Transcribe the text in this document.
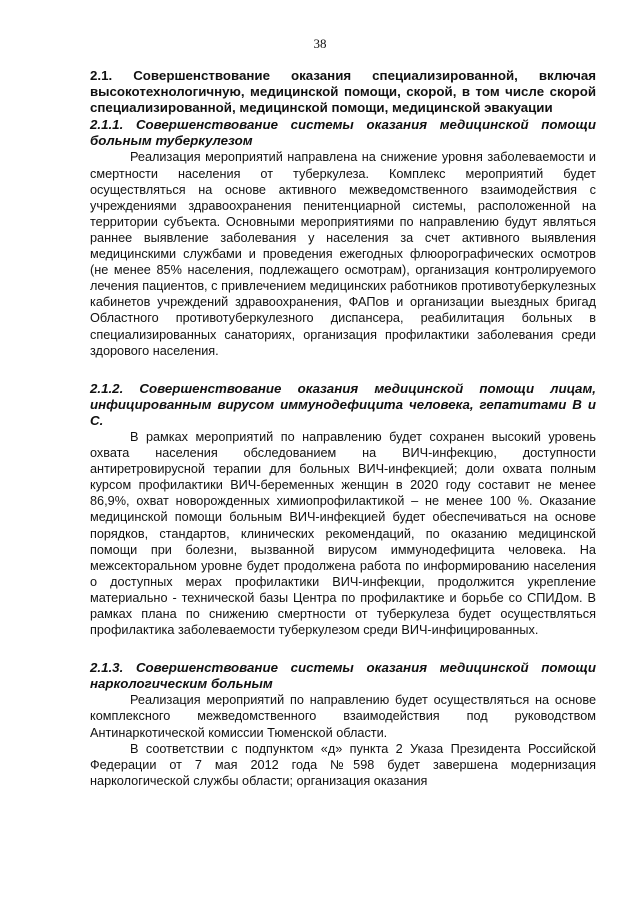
38

2.1. Совершенствование оказания специализированной, включая высокотехнологичную, медицинской помощи, скорой, в том числе скорой специализированной, медицинской помощи, медицинской эвакуации

2.1.1. Совершенствование системы оказания медицинской помощи больным туберкулезом

Реализация мероприятий направлена на снижение уровня заболеваемости и смертности населения от туберкулеза. Комплекс мероприятий будет осуществляться на основе активного межведомственного взаимодействия с учреждениями здравоохранения пенитенциарной системы, расположенной на территории субъекта. Основными мероприятиями по направлению будут являться раннее выявление заболевания у населения за счет активного выявления медицинскими службами и проведения ежегодных флюорографических осмотров (не менее 85% населения, подлежащего осмотрам), организация контролируемого лечения пациентов, с привлечением медицинских работников противотуберкулезных кабинетов учреждений здравоохранения, ФАПов и организации выездных бригад Областного противотуберкулезного диспансера, реабилитация больных в специализированных санаториях, организация профилактики заболевания среди здорового населения.

2.1.2. Совершенствование оказания медицинской помощи лицам, инфицированным вирусом иммунодефицита человека, гепатитами В и С.

В рамках мероприятий по направлению будет сохранен высокий уровень охвата населения обследованием на ВИЧ-инфекцию, доступности антиретровирусной терапии для больных ВИЧ-инфекцией; доли охвата полным курсом профилактики ВИЧ-беременных женщин в 2020 году составит не менее 86,9%, охват новорожденных химиопрофилактикой – не менее 100 %. Оказание медицинской помощи больным ВИЧ-инфекцией будет обеспечиваться на основе порядков, стандартов, клинических рекомендаций, по оказанию медицинской помощи при болезни, вызванной вирусом иммунодефицита человека. На межсекторальном уровне будет продолжена работа по информированию населения о доступных мерах профилактики ВИЧ-инфекции, продолжится укрепление материально - технической базы Центра по профилактике и борьбе со СПИДом. В рамках плана по снижению смертности от туберкулеза будет осуществляться профилактика заболеваемости туберкулезом среди ВИЧ-инфицированных.

2.1.3. Совершенствование системы оказания медицинской помощи наркологическим больным

Реализация мероприятий по направлению будет осуществляться на основе комплексного межведомственного взаимодействия под руководством Антинаркотической комиссии Тюменской области.

В соответствии с подпунктом «д» пункта 2 Указа Президента Российской Федерации от 7 мая 2012 года №598 будет завершена модернизация наркологической службы области; организация оказания
